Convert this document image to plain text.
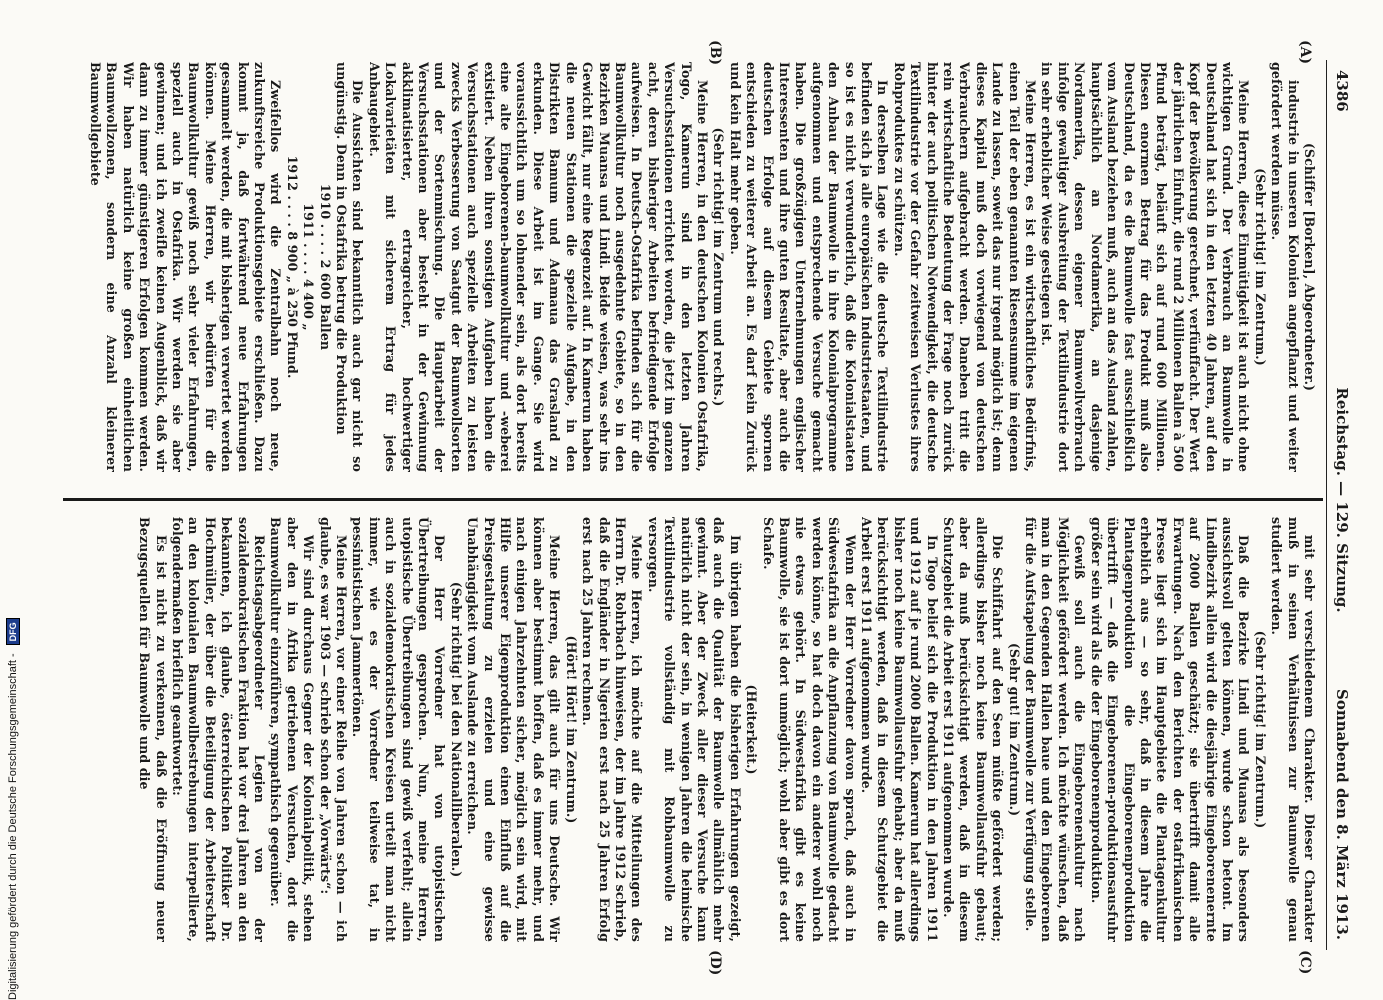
4386
Reichstag. — 129. Sitzung.
Sonnabend den 8. März 1913.
(A)
(B)
(C)
(D)

(Schiffer [Borken], Abgeordneter.)

industrie in unseren Kolonien angepflanzt und weiter gefördert werden müsse.

(Sehr richtig! im Zentrum.)

Meine Herren, diese Einmütigkeit ist auch nicht ohne wichtigen Grund. Der Verbrauch an Baumwolle in Deutschland hat sich in den letzten 40 Jahren, auf den Kopf der Bevölkerung gerechnet, verfünffacht. Der Wert der jährlichen Einfuhr, die rund 2 Millionen Ballen à 500 Pfund beträgt, beläuft sich auf rund 600 Millionen. Diesen enormen Betrag für das Produkt muß also Deutschland, da es die Baumwolle fast ausschließlich vom Ausland beziehen muß, auch an das Ausland zahlen, hauptsächlich an Nordamerika, an dasjenige Nordamerika, dessen eigener Baumwollverbrauch infolge gewaltiger Ausbreitung der Textilindustrie dort in sehr erheblicher Weise gestiegen ist.

Meine Herren, es ist ein wirtschaftliches Bedürfnis, einen Teil der eben genannten Riesensumme im eigenen Lande zu lassen, soweit das nur irgend möglich ist; denn dieses Kapital muß doch vorwiegend von deutschen Verbrauchern aufgebracht werden. Daneben tritt die rein wirtschaftliche Bedeutung der Frage noch zurück hinter der auch politischen Notwendigkeit, die deutsche Textilindustrie vor der Gefahr zeitweisen Verlustes ihres Rohproduktes zu schützen.

In derselben Lage wie die deutsche Textilindustrie befinden sich ja alle europäischen Industriestaaten, und so ist es nicht verwunderlich, daß die Kolonialstaaten den Anbau der Baumwolle in ihre Kolonialprogramme aufgenommen und entsprechende Versuche gemacht haben. Die großzügigen Unternehmungen englischer Interessenten und ihre guten Resultate, aber auch die deutschen Erfolge auf diesem Gebiete spornen entschieden zu weiterer Arbeit an. Es darf kein Zurück und kein Halt mehr geben.

(Sehr richtig! im Zentrum und rechts.)

Meine Herren, in den deutschen Kolonien Ostafrika, Togo, Kamerun sind in den letzten Jahren Versuchsstationen errichtet worden, die jetzt im ganzen acht, deren bisheriger Arbeiten befriedigende Erfolge aufweisen. In Deutsch-Ostafrika befinden sich für die Baumwollkultur noch ausgedehnte Gebiete, so in den Bezirken Muansa und Lindi. Beide weisen, was sehr ins Gewicht fällt, nur eine Regenzeit auf. In Kamerun haben die neuen Stationen die spezielle Aufgabe, in den Distrikten Bamum und Adamaua das Grasland zu erkunden. Diese Arbeit ist im Gange. Sie wird voraussichtlich um so lohnender sein, als dort bereits eine alte Eingeborenen-baumwollkultur und -weberei existiert. Neben ihren sonstigen Aufgaben haben die Versuchsstationen auch spezielle Arbeiten zu leisten zwecks Verbesserung von Saatgut der Baumwollsorten und der Sortenmischung. Die Hauptarbeit der Versuchsstationen aber besteht in der Gewinnung akklimatisierter, ertragreicher, hochwertiger Lokalvarietäten mit sicherem Ertrag für jedes Anbaugebiet.

Die Aussichten sind bekanntlich auch gar nicht so ungünstig. Denn in Ostafrika betrug die Produktion

1910 . . . . 2 600 Ballen

1911 . . . . 4 400 „

1912 . . . . 8 900 „ à 250 Pfund.

Zweifellos wird die Zentralbahn noch neue, zukunftsreiche Produktionsgebiete erschließen. Dazu kommt ja, daß fortwährend neue Erfahrungen gesammelt werden, die mit bisherigen verwertet werden können. Meine Herren, wir bedürfen für die Baumwollkultur gewiß noch sehr vieler Erfahrungen, speziell auch in Ostafrika. Wir werden sie aber gewinnen; und ich zweifle keinen Augenblick, daß wir dann zu immer günstigeren Erfolgen kommen werden. Wir haben natürlich keine großen einheitlichen Baumwollzonen, sondern eine Anzahl kleinerer Baumwollgebiete

mit sehr verschiedenem Charakter. Dieser Charakter muß in seinen Verhältnissen zur Baumwolle genau studiert werden.

(Sehr richtig! im Zentrum.)

Daß die Bezirke Lindi und Muansa als besonders aussichtsvoll gelten können, wurde schon betont. Im Lindibezirk allein wird die diesjährige Eingeborenenernte auf 2000 Ballen geschätzt; sie übertrifft damit alle Erwartungen. Nach den Berichten der ostafrikanischen Presse liegt sich im Hauptgebiete die Plantagenkultur erheblich aus — so sehr, daß in diesem Jahre die Plantagenproduktion die Eingeborenenproduktion übertrifft — daß die Eingeborenen-produktionsausfuhr größer sein wird als die der Eingeborenenproduktion.

Gewiß soll auch die Eingeborenenkultur nach Möglichkeit gefördert werden. Ich möchte wünschen, daß man in den Gegenden Hallen baue und den Eingeborenen für die Aufstapelung der Baumwolle zur Verfügung stelle.

(Sehr gut! im Zentrum.)

Die Schiffahrt auf den Seen müßte gefördert werden; allerdings bisher noch keine Baumwollausfuhr gebaut; aber da muß berücksichtigt werden, daß in diesem Schutzgebiet die Arbeit erst 1911 aufgenommen wurde.

In Togo belief sich die Produktion in den Jahren 1911 und 1912 auf je rund 2000 Ballen. Kamerun hat allerdings bisher noch keine Baumwollausfuhr gehabt; aber da muß berücksichtigt werden, daß in diesem Schutzgebiet die Arbeit erst 1911 aufgenommen wurde.

Wenn der Herr Vorredner davon sprach, daß auch in Südwestafrika an die Anpflanzung von Baumwolle gedacht werden könne, so hat doch davon ein anderer wohl noch nie etwas gehört. In Südwestafrika gibt es keine Baumwolle, sie ist dort unmöglich; wohl aber gibt es dort Schafe.

(Heiterkeit.)

Im übrigen haben die bisherigen Erfahrungen gezeigt, daß auch die Qualität der Baumwolle allmählich mehr gewinnt. Aber der Zweck aller dieser Versuche kann natürlich nicht der sein, in wenigen Jahren die heimische Textilindustrie vollständig mit Rohbaumwolle zu versorgen.

Meine Herren, ich möchte auf die Mitteilungen des Herrn Dr. Rohrbach hinweisen, der im Jahre 1912 schrieb, daß die Engländer in Nigerien erst nach 25 Jahren Erfolg erst nach 25 Jahren rechnen.

(Hört! Hört! im Zentrum.)

Meine Herren, das gilt auch für uns Deutsche. Wir können aber bestimmt hoffen, daß es immer mehr, und nach einigen Jahrzehnten sicher, möglich sein wird, mit Hilfe unserer Eigenproduktion einen Einfluß auf die Preisgestaltung zu erzielen und eine gewisse Unabhängigkeit vom Auslande zu erreichen.

(Sehr richtig! bei den Nationalliberalen.)

Der Herr Vorredner hat von utopistischen Übertreibungen gesprochen. Nun, meine Herren, utopistische Übertreibungen sind gewiß verfehlt; allein auch in sozialdemokratischen Kreisen urteilt man nicht immer, wie es der Vorredner teilweise tat, in pessimistischen Jammertönen.

Meine Herren, vor einer Reihe von Jahren schon — ich glaube, es war 1903 — schrieb schon der „Vorwärts“:

Wir sind durchaus Gegner der Kolonialpolitik, stehen aber den in Afrika getriebenen Versuchen, dort die Baumwollkultur einzuführen, sympathisch gegenüber.

Reichstagsabgeordneter Legien von der sozialdemokratischen Fraktion hat vor drei Jahren an den bekannten, ich glaube, österreichischen Politiker Dr. Hochmüller, der über die Beteiligung der Arbeiterschaft an den kolonialen Baumwollbestrebungen interpellierte, folgendermaßen brieflich geantwortet:

Es ist nicht zu verkennen, daß die Eröffnung neuer Bezugsquellen für Baumwolle und die

Digitalisierung gefördert durch die Deutsche Forschungsgemeinschaft -
DFG
